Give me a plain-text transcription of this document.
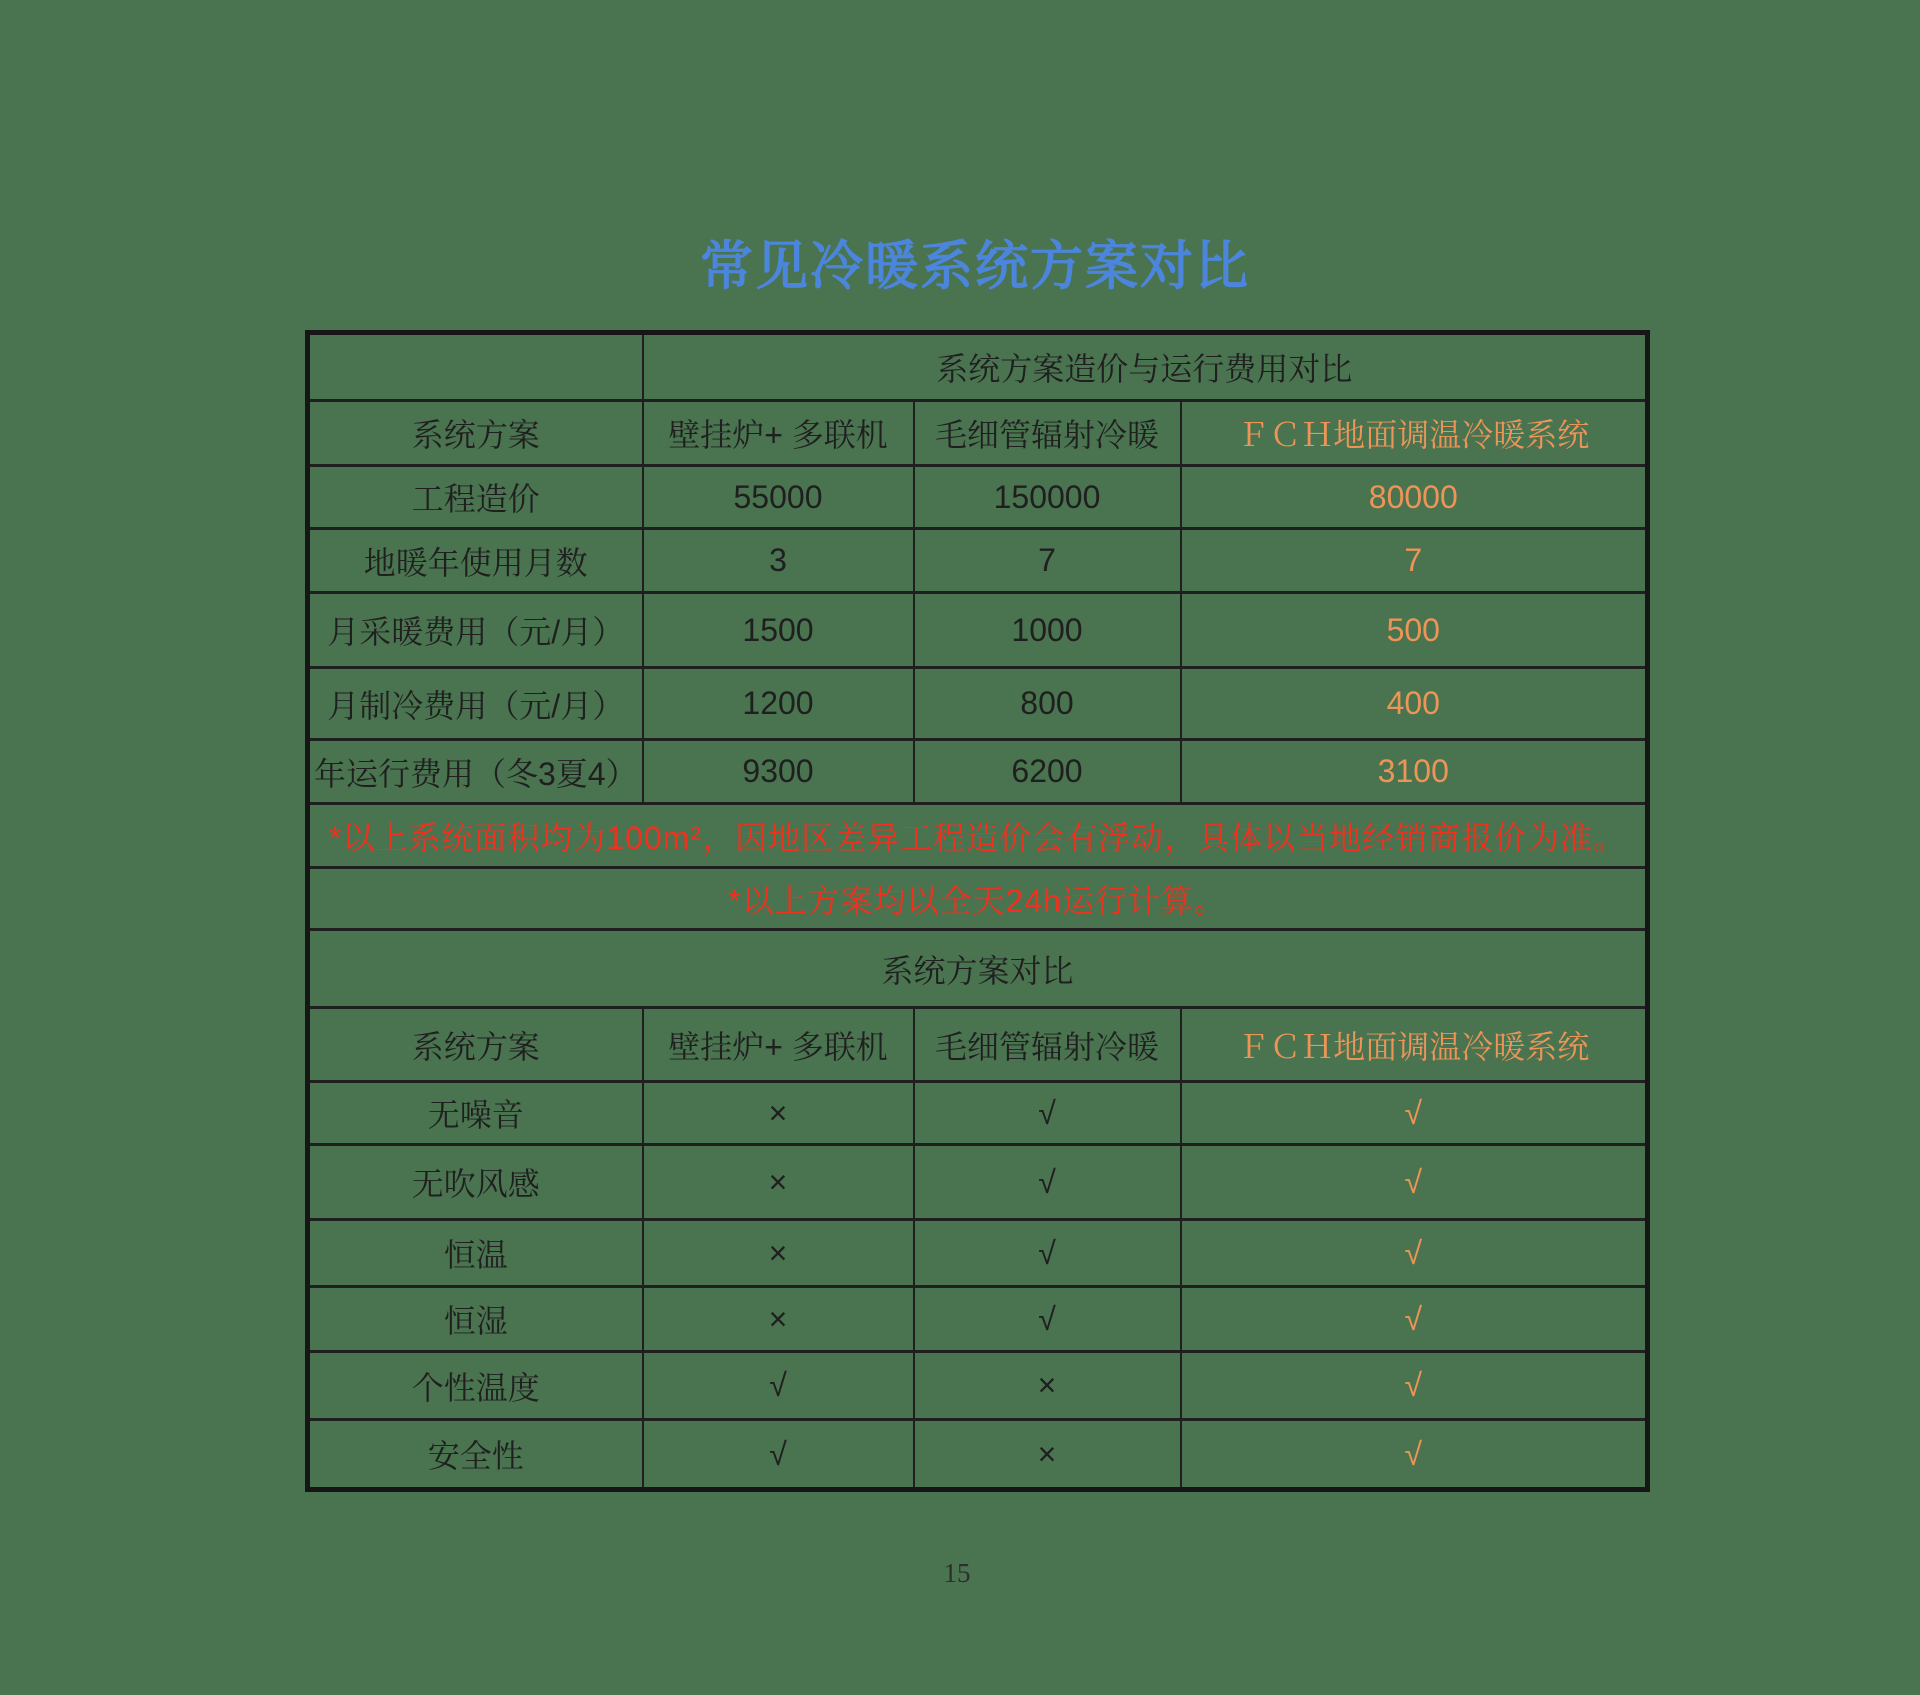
常见冷暖系统方案对比
	系统方案造价与运行费用对比		
系统方案	壁挂炉+ 多联机	毛细管辐射冷暖	ＦＣＨ地面调温冷暖系统
工程造价	55000	150000	80000
地暖年使用月数	3	7	7
月采暖费用（元/月）	1500	1000	500
月制冷费用（元/月）	1200	800	400
年运行费用（冬3夏4）	9300	6200	3100
*以上系统面积均为100m²，因地区差异工程造价会有浮动，具体以当地经销商报价为准。			
*以上方案均以全天24h运行计算。			
系统方案对比			
系统方案	壁挂炉+ 多联机	毛细管辐射冷暖	ＦＣＨ地面调温冷暖系统
无噪音	×	√	√
无吹风感	×	√	√
恒温	×	√	√
恒湿	×	√	√
个性温度	√	×	√
安全性	√	×	√
15
